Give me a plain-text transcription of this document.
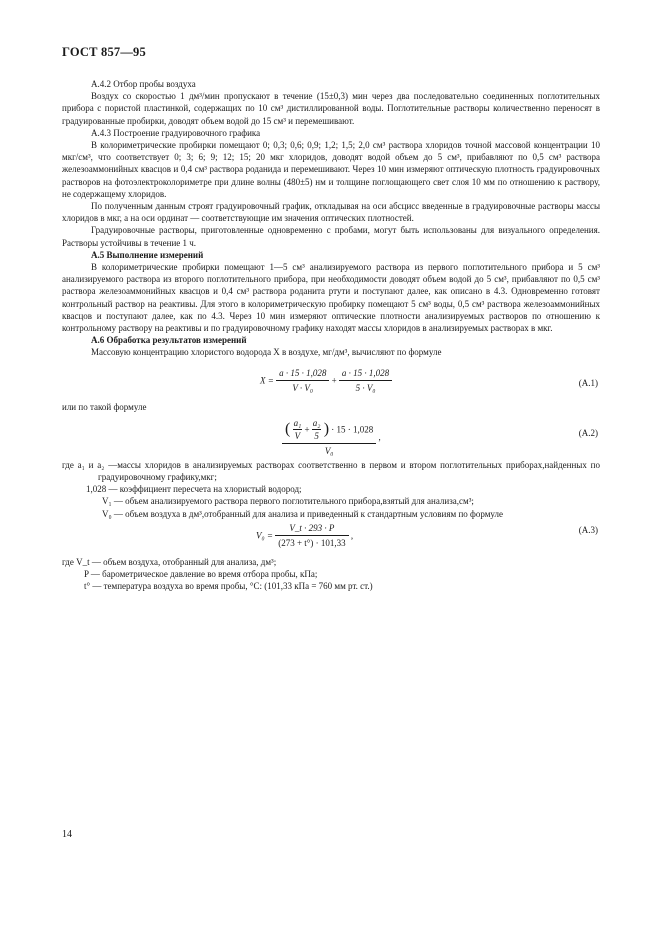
ГОСТ 857—95

А.4.2 Отбор пробы воздуха

Воздух со скоростью 1 дм³/мин пропускают в течение (15±0,3) мин через два последовательно соединенных поглотительных прибора с пористой пластинкой, содержащих по 10 см³ дистиллированной воды. Поглотительные растворы количественно переносят в градуированные пробирки, доводят объем водой до 15 см³ и перемешивают.

А.4.3 Построение градуировочного графика

В колориметрические пробирки помещают 0; 0,3; 0,6; 0,9; 1,2; 1,5; 2,0 см³ раствора хлоридов точной массовой концентрации 10 мкг/см³, что соответствует 0; 3; 6; 9; 12; 15; 20 мкг хлоридов, доводят водой объем до 5 см³, прибавляют по 0,5 см³ раствора железоаммонийных квасцов и 0,4 см³ раствора роданида и перемешивают. Через 10 мин измеряют оптическую плотность градуировочных растворов на фотоэлектроколориметре при длине волны (480±5) нм и толщине поглощающего свет слоя 10 мм по отношению к раствору, не содержащему хлоридов.

По полученным данным строят градуировочный график, откладывая на оси абсцисс введенные в градуировочные растворы массы хлоридов в мкг, а на оси ординат — соответствующие им значения оптических плотностей.

Градуировочные растворы, приготовленные одновременно с пробами, могут быть использованы для визуального определения. Растворы устойчивы в течение 1 ч.

А.5 Выполнение измерений

В колориметрические пробирки помещают 1—5 см³ анализируемого раствора из первого поглотительного прибора и 5 см³ анализируемого раствора из второго поглотительного прибора, при необходимости доводят объем водой до 5 см³, прибавляют по 0,5 см³ раствора железоаммонийных квасцов и 0,4 см³ раствора роданита ртути и поступают далее, как описано в 4.3. Одновременно готовят контрольный раствор на реактивы. Для этого в колориметрическую пробирку помещают 5 см³ воды, 0,5 см³ раствора железоаммонийных квасцов и поступают далее, как по 4.3. Через 10 мин измеряют оптические плотности анализируемых растворов по отношению к контрольному раствору на реактивы и по градуировочному графику находят массы хлоридов в анализируемых растворах в мкг.

А.6 Обработка результатов измерений

Массовую концентрацию хлористого водорода X в воздухе, мг/дм³, вычисляют по формуле

$X = \frac{a \cdot 15 \cdot 1,028}{\text{V · V₀}} + \frac{a \cdot 15 \cdot 1,028}{\text{5 · V₀}}$	(А.1)

или по такой формуле

( $\frac{\text{a₁}}{V} + \frac{\text{a₂}}{5}$ ) · 15 · 1,028
V₀
,	(А.2)

где a₁ и a₂ —массы хлоридов в анализируемых растворах соответственно в первом и втором поглотительных приборах,найденных по градуировочному графику,мкг;

1,028 — коэффициент пересчета на хлористый водород;

V₁ — объем анализируемого раствора первого поглотительного прибора,взятый для анализа,см³;

V₀ — объем воздуха в дм³,отобранный для анализа и приведенный к стандартным условиям по формуле

$V_0 = \frac{V\_t \cdot 293 \cdot P}{(273 + t^\circ) \cdot 101,33}$ ,
(А.3)

где V_t — объем воздуха, отобранный для анализа, дм³;

P — барометрическое давление во время отбора пробы, кПа;

t° — температура воздуха во время пробы, °С: (101,33 кПа = 760 мм рт. ст.)

14
